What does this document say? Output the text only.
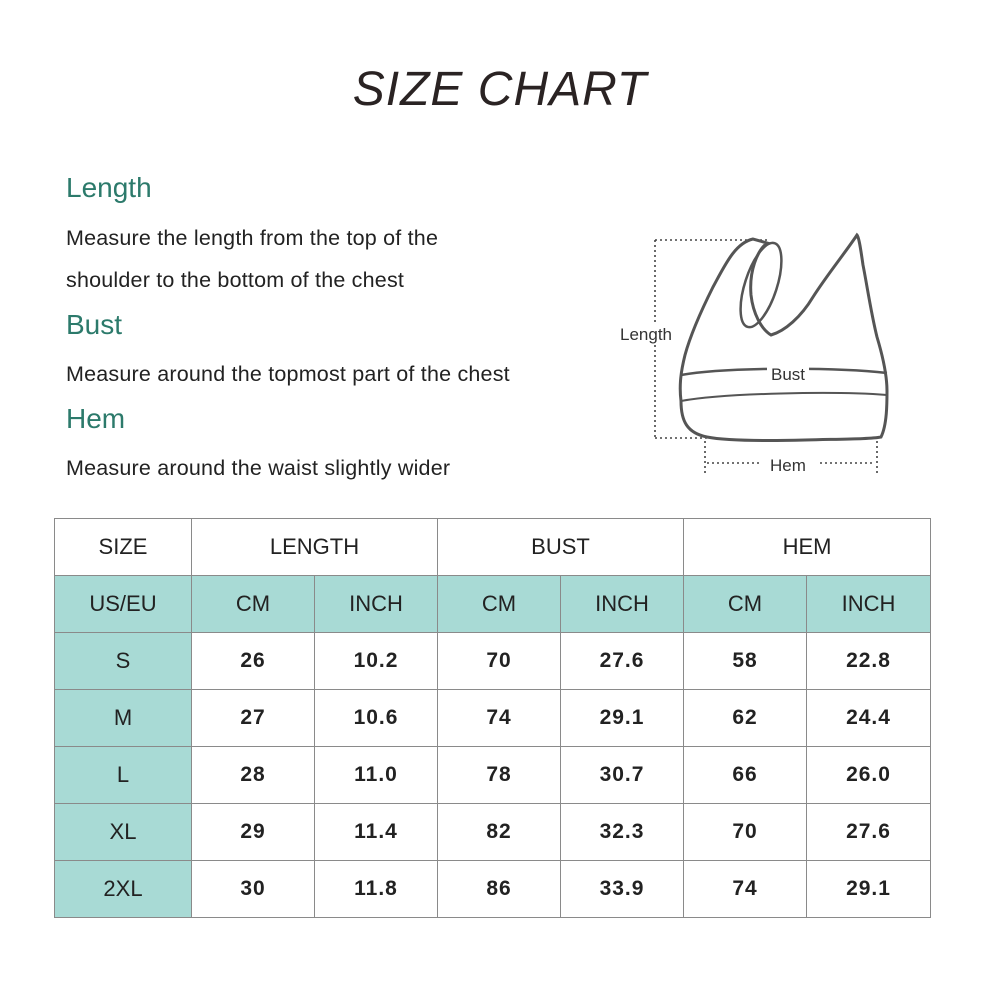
SIZE CHART
Length
Measure the length from the top of the
shoulder to the bottom of the chest
Bust
Measure around the topmost part of the chest
Hem
Measure around the waist slightly wider
Length
Bust
Hem
SIZE	LENGTH		BUST		HEM	
US/EU	CM	INCH	CM	INCH	CM	INCH
S	26	10.2	70	27.6	58	22.8
M	27	10.6	74	29.1	62	24.4
L	28	11.0	78	30.7	66	26.0
XL	29	11.4	82	32.3	70	27.6
2XL	30	11.8	86	33.9	74	29.1
